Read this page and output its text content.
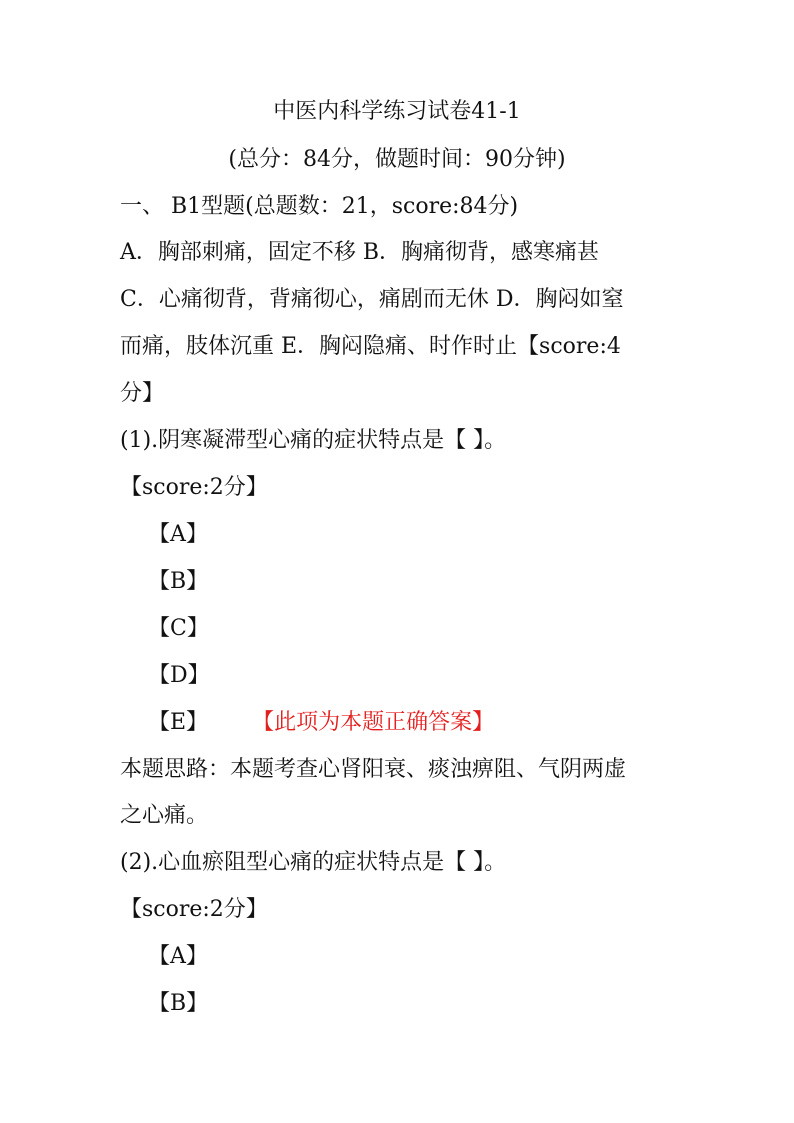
中医内科学练习试卷41-1
(总分：84分，做题时间：90分钟)
一、 B1型题(总题数：21，score:84分)
A．胸部刺痛，固定不移 B．胸痛彻背，感寒痛甚
C．心痛彻背，背痛彻心，痛剧而无休 D．胸闷如窒
而痛，肢体沉重 E．胸闷隐痛、时作时止【score:4
分】
(1).阴寒凝滞型心痛的症状特点是【 】。
【score:2分】
【A】
【B】
【C】
【D】
【E】 【此项为本题正确答案】
本题思路：本题考查心肾阳衰、痰浊痹阻、气阴两虚
之心痛。
(2).心血瘀阻型心痛的症状特点是【 】。
【score:2分】
【A】
【B】
